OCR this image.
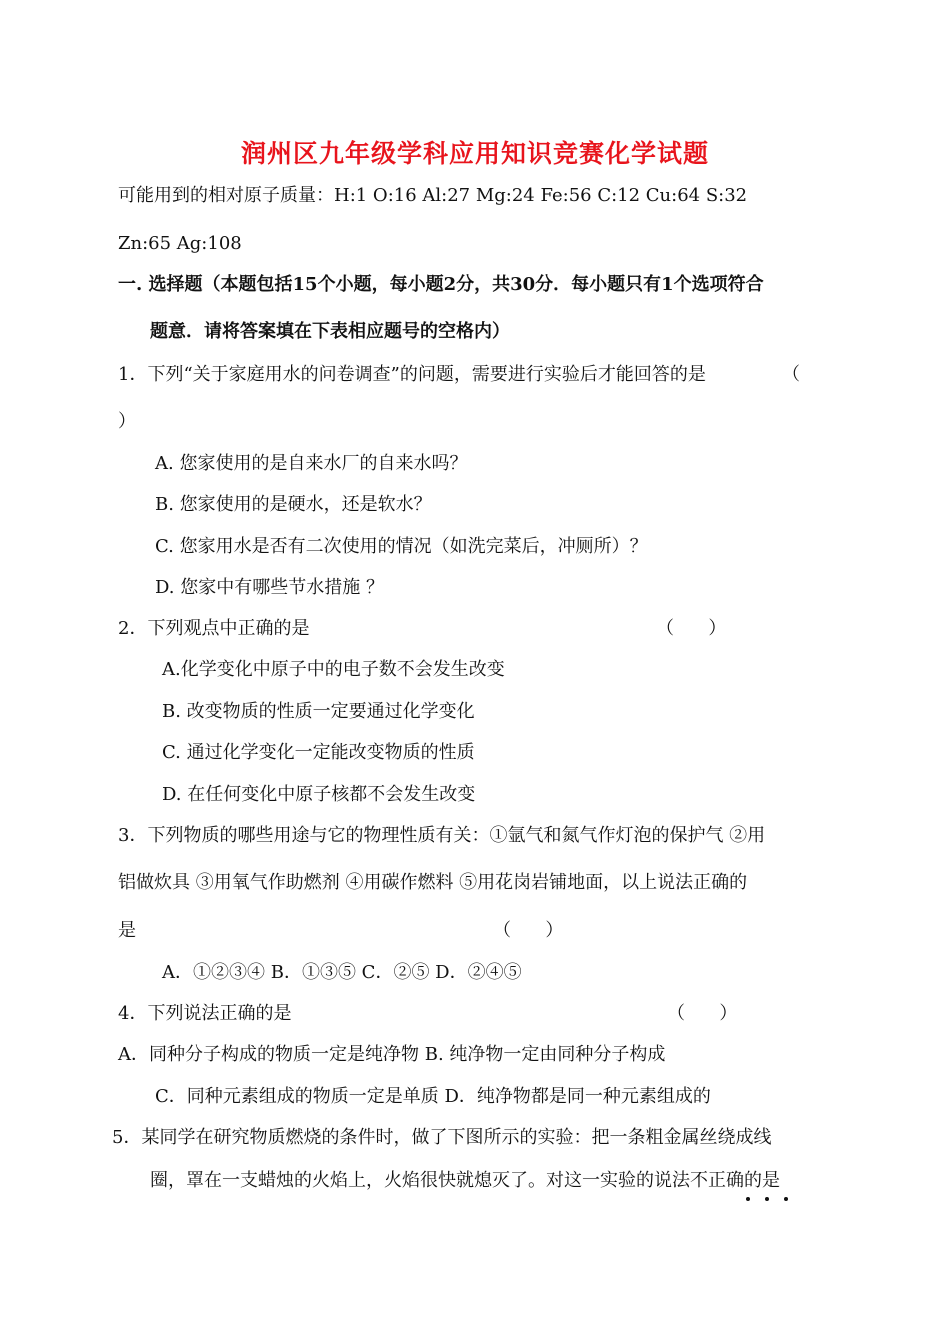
润州区九年级学科应用知识竞赛化学试题
可能用到的相对原子质量：H:1 O:16 Al:27 Mg:24 Fe:56 C:12 Cu:64 S:32
Zn:65 Ag:108
一. 选择题（本题包括15个小题，每小题2分，共30分．每小题只有1个选项符合
题意．请将答案填在下表相应题号的空格内）
1．下列“关于家庭用水的问卷调查”的问题，需要进行实验后才能回答的是	（
）
A. 您家使用的是自来水厂的自来水吗？
B. 您家使用的是硬水，还是软水？
C. 您家用水是否有二次使用的情况（如洗完菜后，冲厕所）？
D. 您家中有哪些节水措施 ？
2．下列观点中正确的是	（      ）
A.化学变化中原子中的电子数不会发生改变
B. 改变物质的性质一定要通过化学变化
C. 通过化学变化一定能改变物质的性质
D. 在任何变化中原子核都不会发生改变
3．下列物质的哪些用途与它的物理性质有关：①氩气和氮气作灯泡的保护气 ②用
铝做炊具 ③用氧气作助燃剂 ④用碳作燃料 ⑤用花岗岩铺地面，以上说法正确的
是	（      ）
A．①②③④ B．①③⑤ C．②⑤ D．②④⑤
4．下列说法正确的是	（      ）
A．同种分子构成的物质一定是纯净物 B. 纯净物一定由同种分子构成
C．同种元素组成的物质一定是单质 D．纯净物都是同一种元素组成的
5．某同学在研究物质燃烧的条件时，做了下图所示的实验：把一条粗金属丝绕成线
圈，罩在一支蜡烛的火焰上，火焰很快就熄灭了。对这一实验的说法不正确的是
